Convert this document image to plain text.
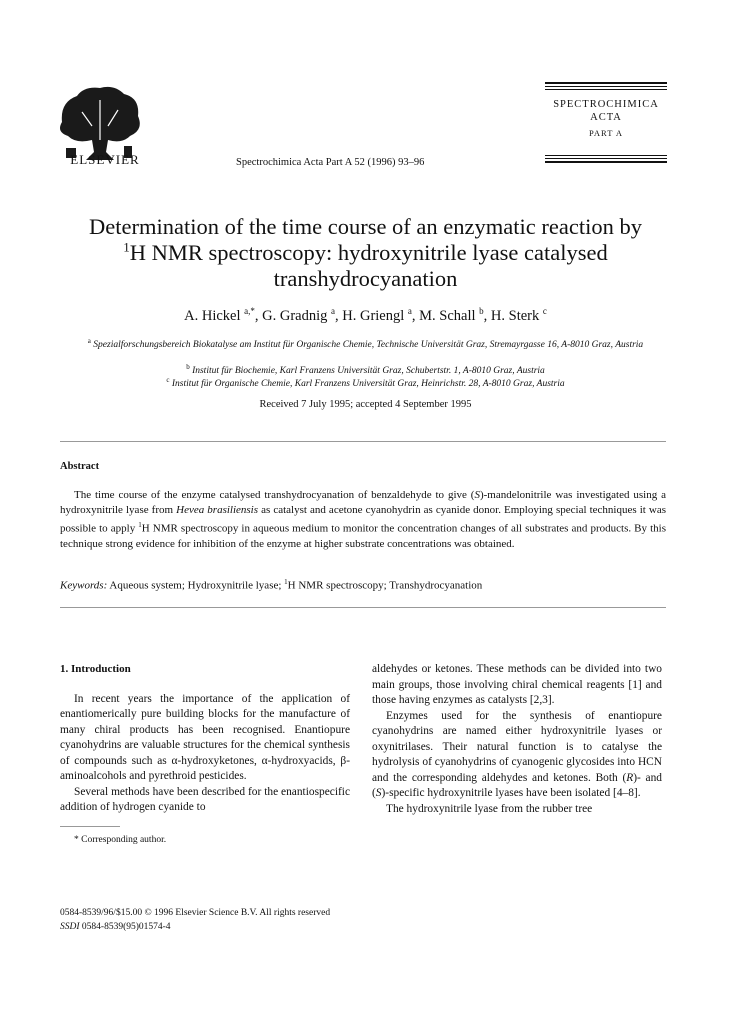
ELSEVIER	Spectrochimica Acta Part A 52 (1996) 93–96
SPECTROCHIMICA
ACTA
PART A
Determination of the time course of an enzymatic reaction by
$^1$H NMR spectroscopy: hydroxynitrile lyase catalysed
transhydrocyanation
A. Hickel $^{a,*}$, G. Gradnig $^a$, H. Griengl $^a$, M. Schall $^b$, H. Sterk $^c$
$^a$ Spezialforschungsbereich Biokatalyse am Institut für Organische Chemie, Technische Universität Graz, Stremayrgasse 16, A-8010 Graz, Austria
$^b$ Institut für Biochemie, Karl Franzens Universität Graz, Schubertstr. 1, A-8010 Graz, Austria
$^c$ Institut für Organische Chemie, Karl Franzens Universität Graz, Heinrichstr. 28, A-8010 Graz, Austria
Received 7 July 1995; accepted 4 September 1995
Abstract
The time course of the enzyme catalysed transhydrocyanation of benzaldehyde to give (S)-mandelonitrile was investigated using a hydroxynitrile lyase from Hevea brasiliensis as catalyst and acetone cyanohydrin as cyanide donor. Employing special techniques it was possible to apply $^1$H NMR spectroscopy in aqueous medium to monitor the concentration changes of all substrates and products. By this technique strong evidence for inhibition of the enzyme at higher substrate concentrations was obtained.
Keywords: Aqueous system; Hydroxynitrile lyase; $^1$H NMR spectroscopy; Transhydrocyanation

1. Introduction

In recent years the importance of the application of enantiomerically pure building blocks for the manufacture of many chiral products has been recognised. Enantiopure cyanohydrins are valuable structures for the chemical synthesis of compounds such as α-hydroxyketones, α-hydroxyacids, β-aminoalcohols and pyrethroid pesticides.

Several methods have been described for the enantiospecific addition of hydrogen cyanide to

* Corresponding author.

aldehydes or ketones. These methods can be divided into two main groups, those involving chiral chemical reagents [1] and those having enzymes as catalysts [2,3].

Enzymes used for the synthesis of enantiopure cyanohydrins are named either hydroxynitrile lyases or oxynitrilases. Their natural function is to catalyse the hydrolysis of cyanohydrins of cyanogenic glycosides into HCN and the corresponding aldehydes and ketones. Both (R)- and (S)-specific hydroxynitrile lyases have been isolated [4–8].

The hydroxynitrile lyase from the rubber tree

0584-8539/96/$15.00 © 1996 Elsevier Science B.V. All rights reserved
SSDI 0584-8539(95)01574-4
